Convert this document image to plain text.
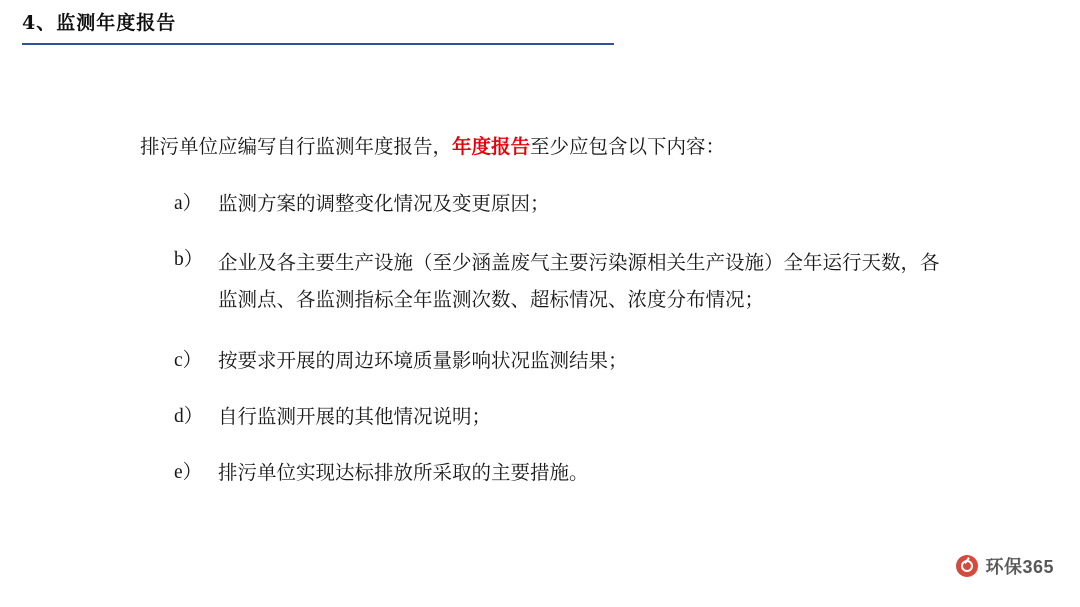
4、监测年度报告
排污单位应编写自行监测年度报告，年度报告至少应包含以下内容：
a） 监测方案的调整变化情况及变更原因；
b） 企业及各主要生产设施（至少涵盖废气主要污染源相关生产设施）全年运行天数，各监测点、各监测指标全年监测次数、超标情况、浓度分布情况；
c） 按要求开展的周边环境质量影响状况监测结果；
d） 自行监测开展的其他情况说明；
e） 排污单位实现达标排放所采取的主要措施。
环保365
